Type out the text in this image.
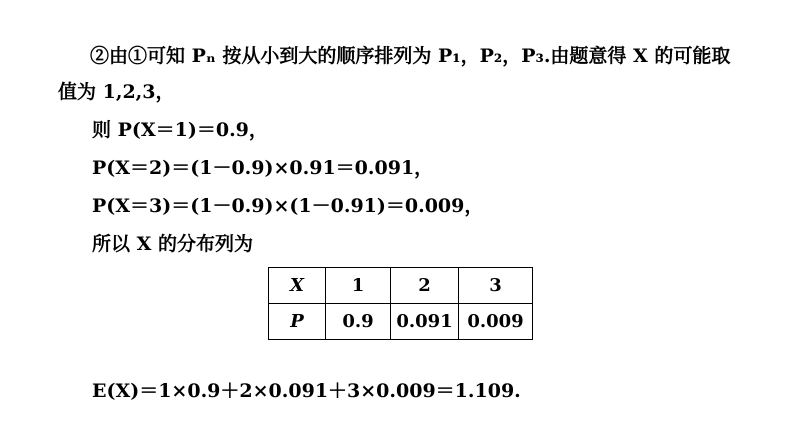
②由①可知 Pₙ 按从小到大的顺序排列为 P₁，P₂，P₃.由题意得 X 的可能取
值为 1,2,3，
则 P(X＝1)＝0.9，
P(X＝2)＝(1－0.9)×0.91＝0.091，
P(X＝3)＝(1－0.9)×(1－0.91)＝0.009，
所以 X 的分布列为
X	1	2	3
P	0.9	0.091	0.009
E(X)＝1×0.9＋2×0.091＋3×0.009＝1.109.
